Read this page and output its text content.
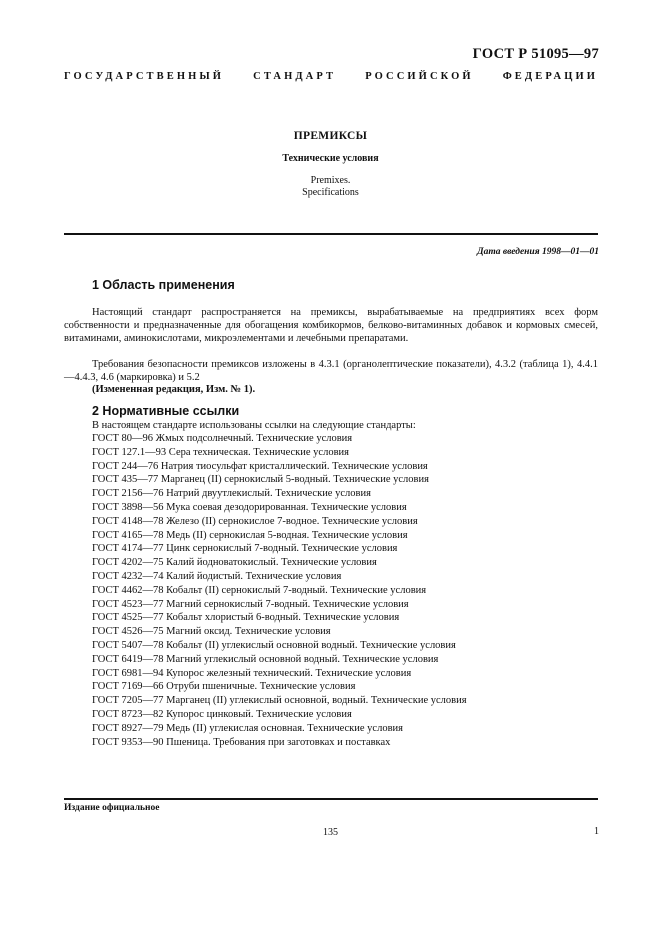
ГОСТ Р 51095—97
ГОСУДАРСТВЕННЫЙ СТАНДАРТ РОССИЙСКОЙ ФЕДЕРАЦИИ
ПРЕМИКСЫ
Технические условия
Premixes.
Specifications
Дата введения 1998—01—01
1 Область применения
Настоящий стандарт распространяется на премиксы, вырабатываемые на предприятиях всех форм собственности и предназначенные для обогащения комбикормов, белково-витаминных добавок и кормовых смесей, витаминами, аминокислотами, микроэлементами и лечебными препаратами.
Требования безопасности премиксов изложены в 4.3.1 (органолептические показатели), 4.3.2 (таблица 1), 4.4.1—4.4.3, 4.6 (маркировка) и 5.2
(Измененная редакция, Изм. № 1).
2 Нормативные ссылки
В настоящем стандарте использованы ссылки на следующие стандарты:
ГОСТ 80—96 Жмых подсолнечный. Технические условия
ГОСТ 127.1—93 Сера техническая. Технические условия
ГОСТ 244—76 Натрия тиосульфат кристаллический. Технические условия
ГОСТ 435—77 Марганец (II) сернокислый 5-водный. Технические условия
ГОСТ 2156—76 Натрий двуутлекислый. Технические условия
ГОСТ 3898—56 Мука соевая дезодорированная. Технические условия
ГОСТ 4148—78 Железо (II) сернокислое 7-водное. Технические условия
ГОСТ 4165—78 Медь (II) сернокислая 5-водная. Технические условия
ГОСТ 4174—77 Цинк сернокислый 7-водный. Технические условия
ГОСТ 4202—75 Калий йодноватокислый. Технические условия
ГОСТ 4232—74 Калий йодистый. Технические условия
ГОСТ 4462—78 Кобальт (II) сернокислый 7-водный. Технические условия
ГОСТ 4523—77 Магний сернокислый 7-водный. Технические условия
ГОСТ 4525—77 Кобальт хлористый 6-водный. Технические условия
ГОСТ 4526—75 Магний оксид. Технические условия
ГОСТ 5407—78 Кобальт (II) углекислый основной водный. Технические условия
ГОСТ 6419—78 Магний углекислый основной водный. Технические условия
ГОСТ 6981—94 Купорос железный технический. Технические условия
ГОСТ 7169—66 Отруби пшеничные. Технические условия
ГОСТ 7205—77 Марганец (II) углекислый основной, водный. Технические условия
ГОСТ 8723—82 Купорос цинковый. Технические условия
ГОСТ 8927—79 Медь (II) углекислая основная. Технические условия
ГОСТ 9353—90 Пшеница. Требования при заготовках и поставках
Издание официальное
135	1
